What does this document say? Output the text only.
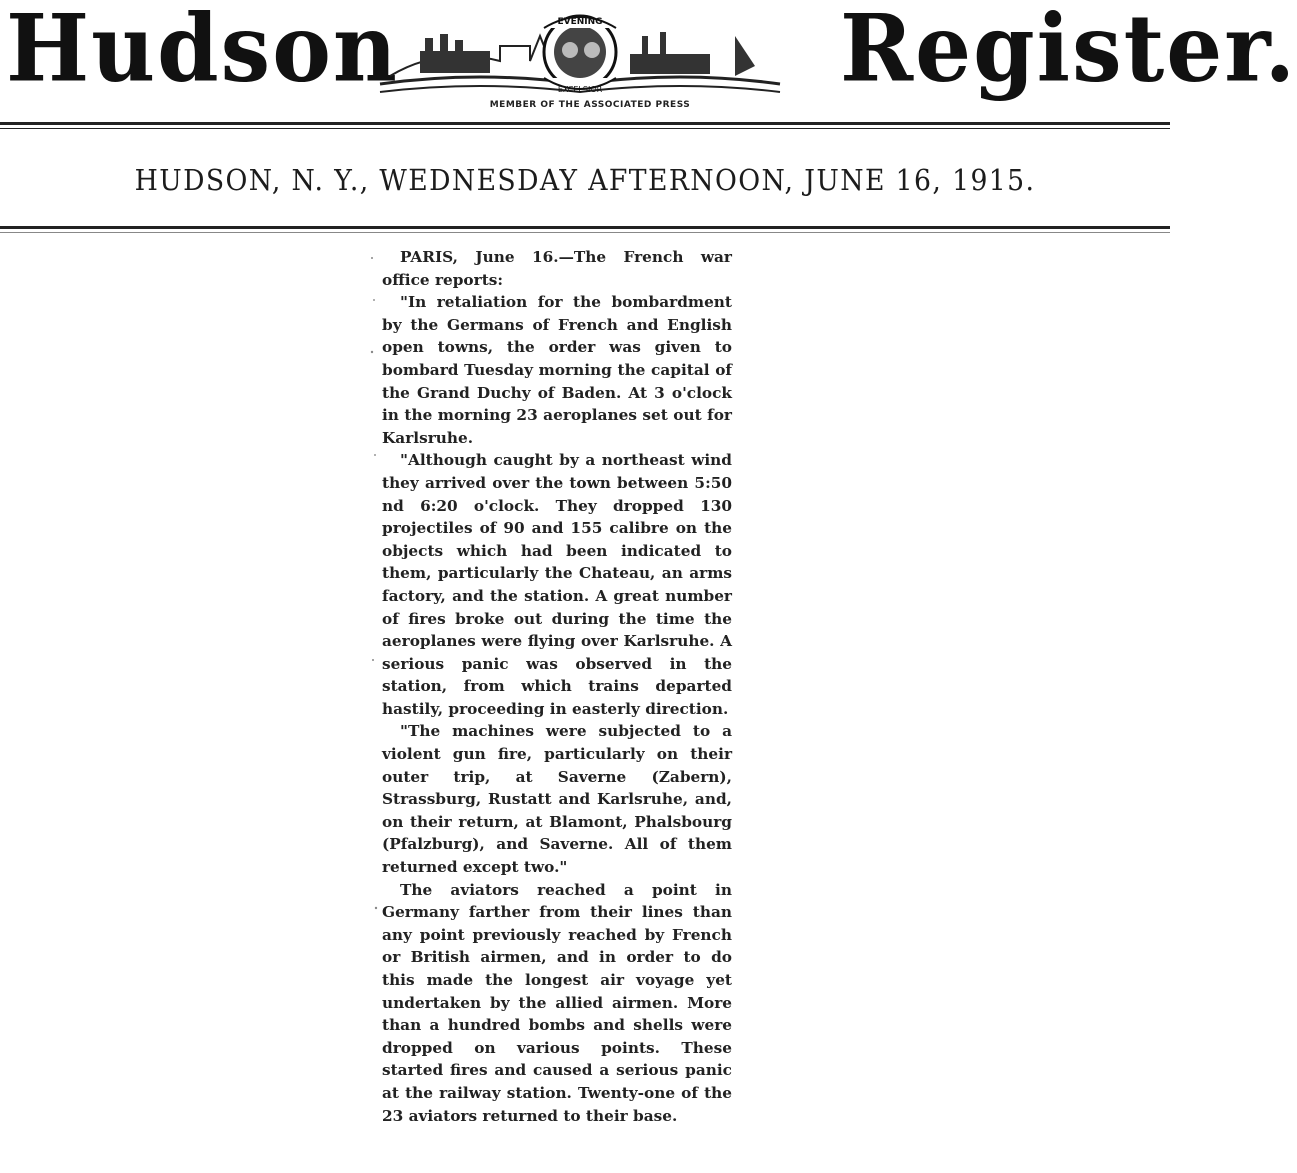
Hudson	EVENING
EXCELSIOR
MEMBER OF THE ASSOCIATED PRESS
Register.
HUDSON, N. Y., WEDNESDAY AFTERNOON, JUNE 16, 1915.

PARIS, June 16.—The French war office reports:

"In retaliation for the bombardment by the Germans of French and English open towns, the order was given to bombard Tuesday morning the capital of the Grand Duchy of Baden. At 3 o'clock in the morning 23 aeroplanes set out for Karlsruhe.

"Although caught by a northeast wind they arrived over the town between 5:50 nd 6:20 o'clock. They dropped 130 projectiles of 90 and 155 calibre on the objects which had been indicated to them, particularly the Chateau, an arms factory, and the station. A great number of fires broke out during the time the aeroplanes were flying over Karlsruhe. A serious panic was observed in the station, from which trains departed hastily, proceeding in easterly direction.

"The machines were subjected to a violent gun fire, particularly on their outer trip, at Saverne (Zabern), Strassburg, Rustatt and Karlsruhe, and, on their return, at Blamont, Phalsbourg (Pfalzburg), and Saverne. All of them returned except two."

The aviators reached a point in Germany farther from their lines than any point previously reached by French or British airmen, and in order to do this made the longest air voyage yet undertaken by the allied airmen. More than a hundred bombs and shells were dropped on various points. These started fires and caused a serious panic at the railway station. Twenty-one of the 23 aviators returned to their base.
